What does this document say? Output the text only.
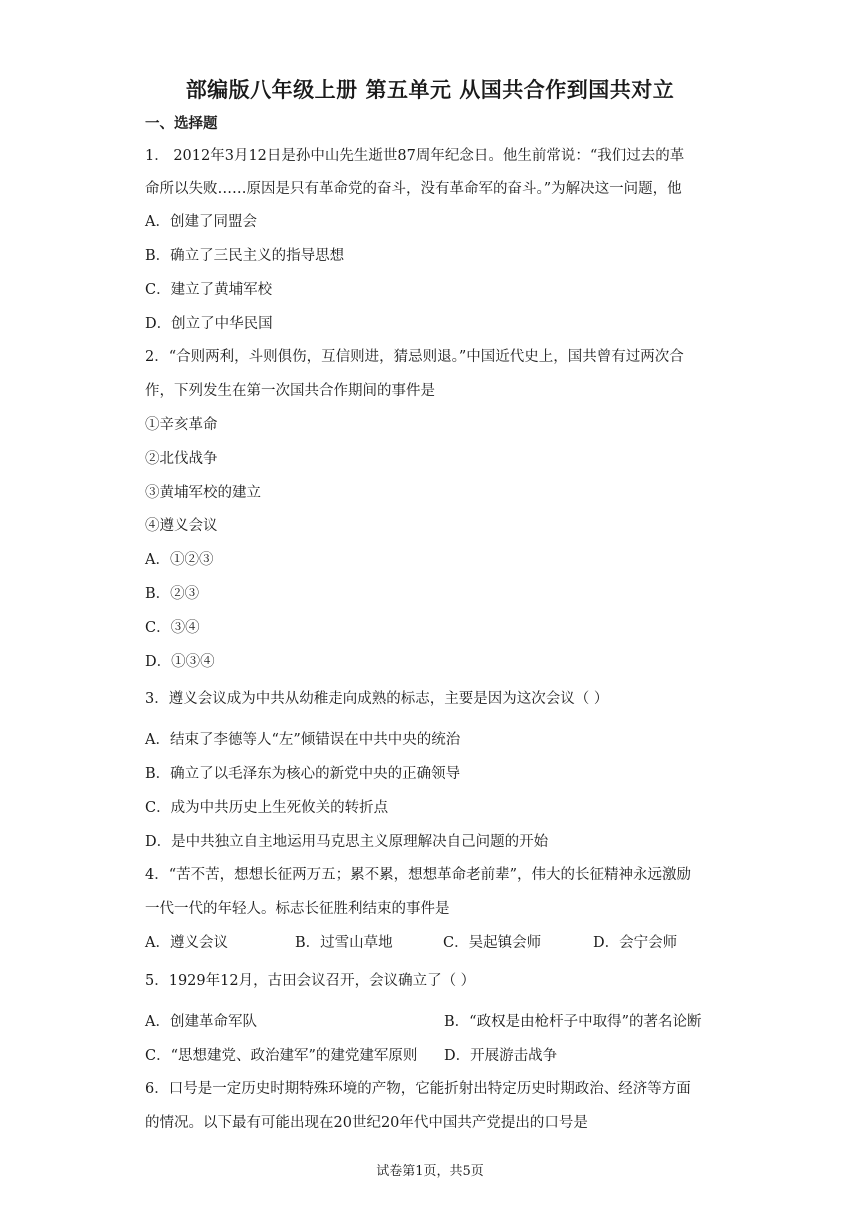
部编版八年级上册 第五单元 从国共合作到国共对立
一、选择题
1． 2012年3月12日是孙中山先生逝世87周年纪念日。他生前常说：“我们过去的革
命所以失败……原因是只有革命党的奋斗，没有革命军的奋斗。”为解决这一问题，他
A．创建了同盟会
B．确立了三民主义的指导思想
C．建立了黄埔军校
D．创立了中华民国
2．“合则两利，斗则俱伤，互信则进，猜忌则退。”中国近代史上，国共曾有过两次合
作，下列发生在第一次国共合作期间的事件是
①辛亥革命
②北伐战争
③黄埔军校的建立
④遵义会议
A．①②③
B．②③
C．③④
D．①③④
3．遵义会议成为中共从幼稚走向成熟的标志，主要是因为这次会议（ ）
A．结束了李德等人“左”倾错误在中共中央的统治
B．确立了以毛泽东为核心的新党中央的正确领导
C．成为中共历史上生死攸关的转折点
D．是中共独立自主地运用马克思主义原理解决自己问题的开始
4．“苦不苦，想想长征两万五；累不累，想想革命老前辈”，伟大的长征精神永远激励
一代一代的年轻人。标志长征胜利结束的事件是
A．遵义会议	B．过雪山草地	C．吴起镇会师	D．会宁会师
5．1929年12月，古田会议召开，会议确立了（ ）
A．创建革命军队	B．“政权是由枪杆子中取得”的著名论断
C．“思想建党、政治建军”的建党建军原则 D．开展游击战争
6．口号是一定历史时期特殊环境的产物，它能折射出特定历史时期政治、经济等方面
的情况。以下最有可能出现在20世纪20年代中国共产党提出的口号是
试卷第1页，共5页
